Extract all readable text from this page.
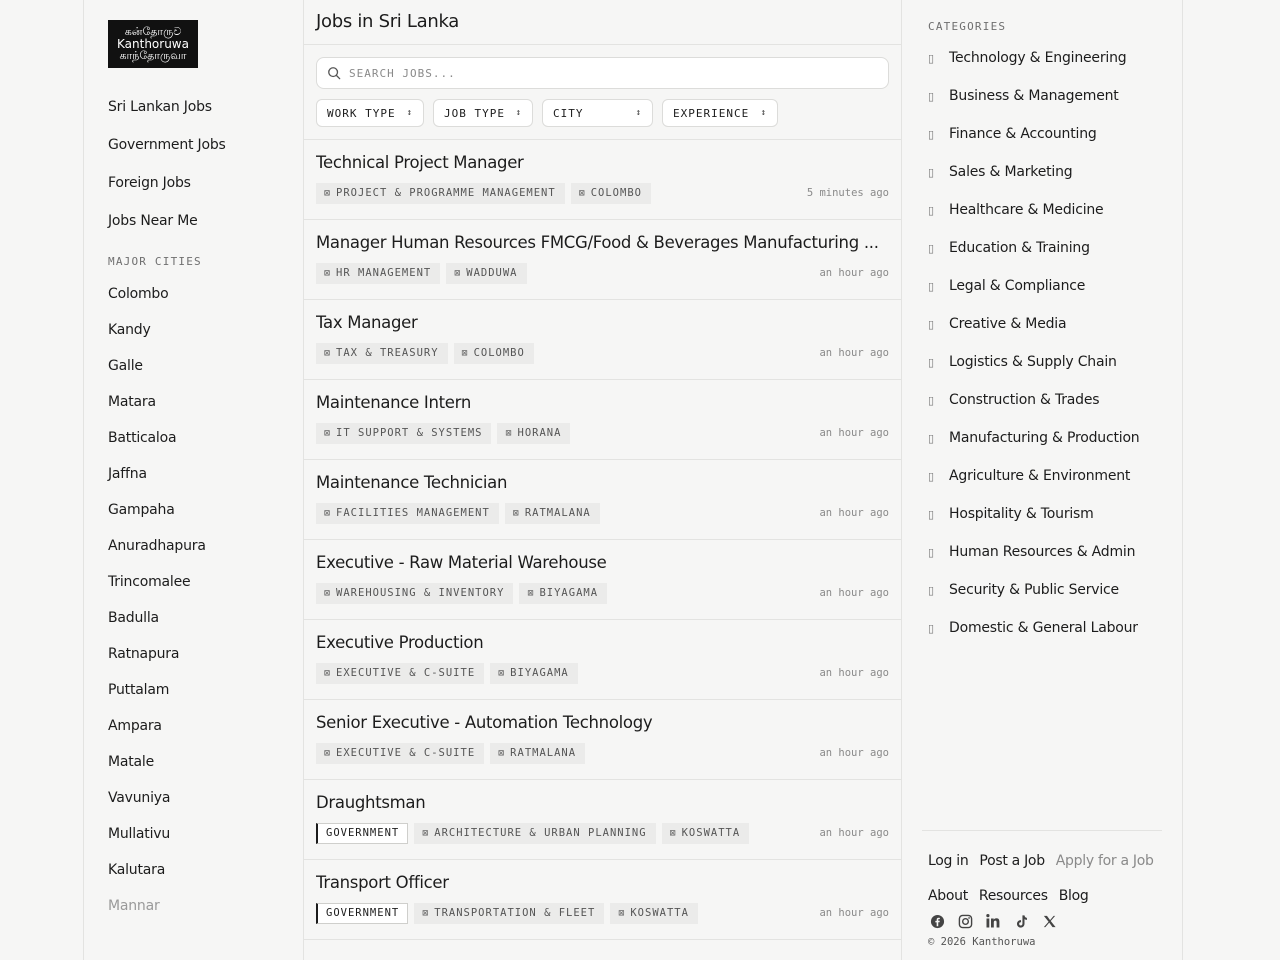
கன்தோருව
Kanthoruwa
காந்தோருவா
Sri Lankan Jobs
Government Jobs
Foreign Jobs
Jobs Near Me
MAJOR CITIES
Colombo
Kandy
Galle
Matara
Batticaloa
Jaffna
Gampaha
Anuradhapura
Trincomalee
Badulla
Ratnapura
Puttalam
Ampara
Matale
Vavuniya
Mullativu
Kalutara
Mannar
Jobs in Sri Lanka
SEARCH JOBS...
WORK TYPE ↕	JOB TYPE ↕	CITY	↕	EXPERIENCE ↕
Technical Project Manager
⊠ PROJECT & PROGRAMME MANAGEMENT ⊠ COLOMBO	5 minutes ago
Manager Human Resources FMCG/Food & Beverages Manufacturing ...
⊠ HR MANAGEMENT ⊠ WADDUWA	an hour ago
Tax Manager
⊠ TAX & TREASURY ⊠ COLOMBO	an hour ago
Maintenance Intern
⊠ IT SUPPORT & SYSTEMS ⊠ HORANA	an hour ago
Maintenance Technician
⊠ FACILITIES MANAGEMENT ⊠ RATMALANA	an hour ago
Executive - Raw Material Warehouse
⊠ WAREHOUSING & INVENTORY ⊠ BIYAGAMA	an hour ago
Executive Production
⊠ EXECUTIVE & C-SUITE ⊠ BIYAGAMA	an hour ago
Senior Executive - Automation Technology
⊠ EXECUTIVE & C-SUITE ⊠ RATMALANA	an hour ago
Draughtsman
GOVERNMENT	⊠ ARCHITECTURE & URBAN PLANNING ⊠ KOSWATTA	an hour ago
Transport Officer
GOVERNMENT	⊠ TRANSPORTATION & FLEET ⊠ KOSWATTA	an hour ago
CATEGORIES
▯	Technology & Engineering
▯	Business & Management
▯	Finance & Accounting
▯	Sales & Marketing
▯	Healthcare & Medicine
▯	Education & Training
▯	Legal & Compliance
▯	Creative & Media
▯	Logistics & Supply Chain
▯	Construction & Trades
▯	Manufacturing & Production
▯	Agriculture & Environment
▯	Hospitality & Tourism
▯	Human Resources & Admin
▯	Security & Public Service
▯	Domestic & General Labour
Log in Post a Job Apply for a Job
About Resources Blog
© 2026 Kanthoruwa
